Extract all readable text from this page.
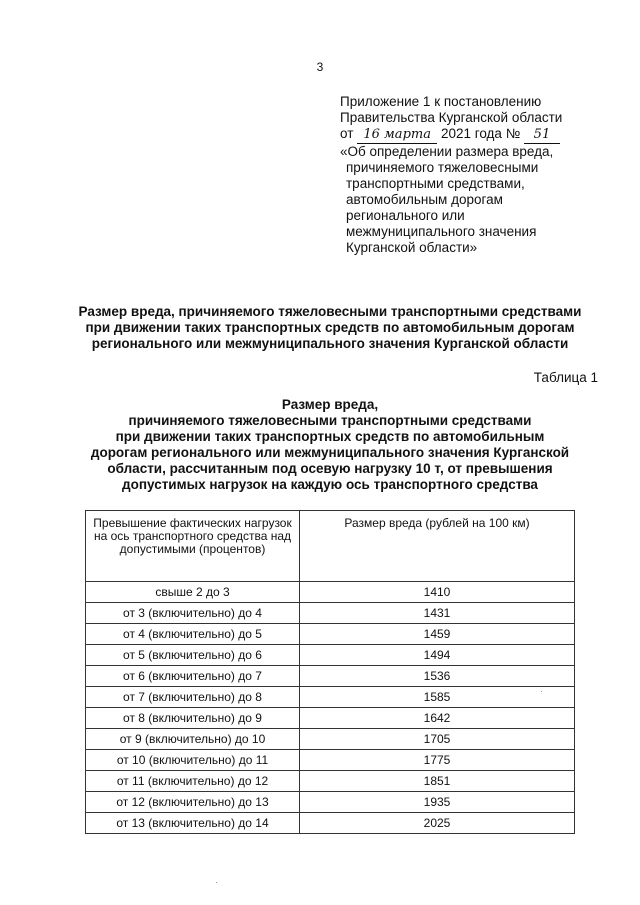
3
Приложение 1 к постановлению
Правительства Курганской области
от 16 марта 2021 года № 51
«Об определении размера вреда,
причиняемого тяжеловесными
транспортными средствами,
автомобильным дорогам
регионального или
межмуниципального значения
Курганской области»
Размер вреда, причиняемого тяжеловесными транспортными средствами
при движении таких транспортных средств по автомобильным дорогам
регионального или межмуниципального значения Курганской области
Таблица 1
Размер вреда,
причиняемого тяжеловесными транспортными средствами
при движении таких транспортных средств по автомобильным
дорогам регионального или межмуниципального значения Курганской
области, рассчитанным под осевую нагрузку 10 т, от превышения
допустимых нагрузок на каждую ось транспортного средства
Превышение фактических нагрузок на ось транспортного средства над допустимыми (процентов)	Размер вреда (рублей на 100 км)
свыше 2 до 3	1410
от 3 (включительно) до 4	1431
от 4 (включительно) до 5	1459
от 5 (включительно) до 6	1494
от 6 (включительно) до 7	1536
от 7 (включительно) до 8	1585
от 8 (включительно) до 9	1642
от 9 (включительно) до 10	1705
от 10 (включительно) до 11	1775
от 11 (включительно) до 12	1851
от 12 (включительно) до 13	1935
от 13 (включительно) до 14	2025
